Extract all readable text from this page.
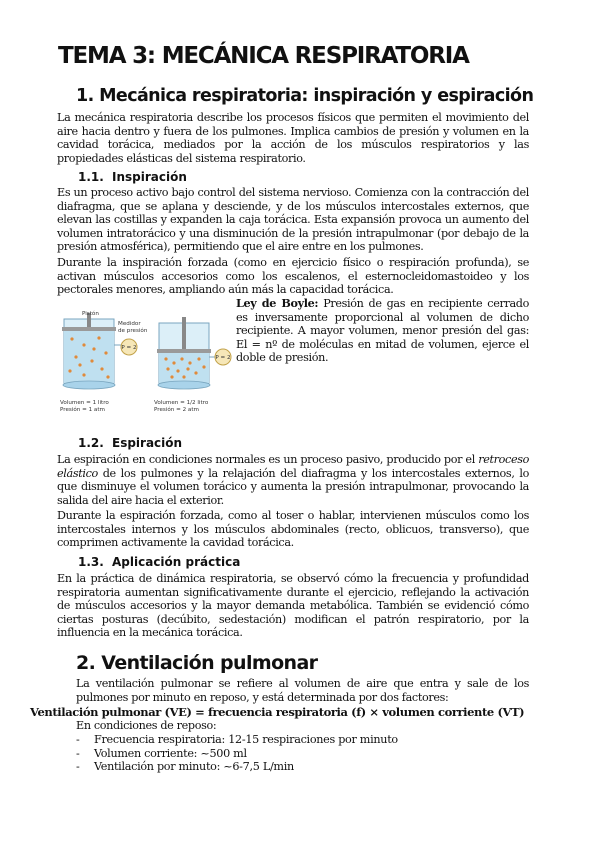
TEMA 3: MECÁNICA RESPIRATORIA
1. Mecánica respiratoria: inspiración y espiración

La mecánica respiratoria describe los procesos físicos que permiten el movimiento del aire hacia dentro y fuera de los pulmones. Implica cambios de presión y volumen en la cavidad torácica, mediados por la acción de los músculos respiratorios y las propiedades elásticas del sistema respiratorio.

1.1. Inspiración

Es un proceso activo bajo control del sistema nervioso. Comienza con la contracción del diafragma, que se aplana y desciende, y de los músculos intercostales externos, que elevan las costillas y expanden la caja torácica. Esta expansión provoca un aumento del volumen intratorácico y una disminución de la presión intrapulmonar (por debajo de la presión atmosférica), permitiendo que el aire entre en los pulmones.

Durante la inspiración forzada (como en ejercicio físico o respiración profunda), se activan músculos accesorios como los escalenos, el esternocleidomastoideo y los pectorales menores, ampliando aún más la capacidad torácica.

P = 2
Pistón
Medidor
de presión
P = 2
Volumen = 1 litro
Presión = 1 atm
Volumen = 1/2 litro
Presión = 2 atm

Ley de Boyle: Presión de gas en recipiente cerrado es inversamente proporcional al volumen de dicho recipiente. A mayor volumen, menor presión del gas: El = nº de moléculas en mitad de volumen, ejerce el doble de presión.

1.2. Espiración

La espiración en condiciones normales es un proceso pasivo, producido por el retroceso elástico de los pulmones y la relajación del diafragma y los intercostales externos, lo que disminuye el volumen torácico y aumenta la presión intrapulmonar, provocando la salida del aire hacia el exterior.

Durante la espiración forzada, como al toser o hablar, intervienen músculos como los intercostales internos y los músculos abdominales (recto, oblicuos, transverso), que comprimen activamente la cavidad torácica.

1.3. Aplicación práctica

En la práctica de dinámica respiratoria, se observó cómo la frecuencia y profundidad respiratoria aumentan significativamente durante el ejercicio, reflejando la activación de músculos accesorios y la mayor demanda metabólica. También se evidenció cómo ciertas posturas (decúbito, sedestación) modifican el patrón respiratorio, por la influencia en la mecánica torácica.

2. Ventilación pulmonar

La ventilación pulmonar se refiere al volumen de aire que entra y sale de los pulmones por minuto en reposo, y está determinada por dos factores:

Ventilación pulmonar (VE) = frecuencia respiratoria (f) × volumen corriente (VT)

En condiciones de reposo:

- Frecuencia respiratoria: 12-15 respiraciones por minuto
- Volumen corriente: ~500 ml
- Ventilación por minuto: ~6-7,5 L/min
